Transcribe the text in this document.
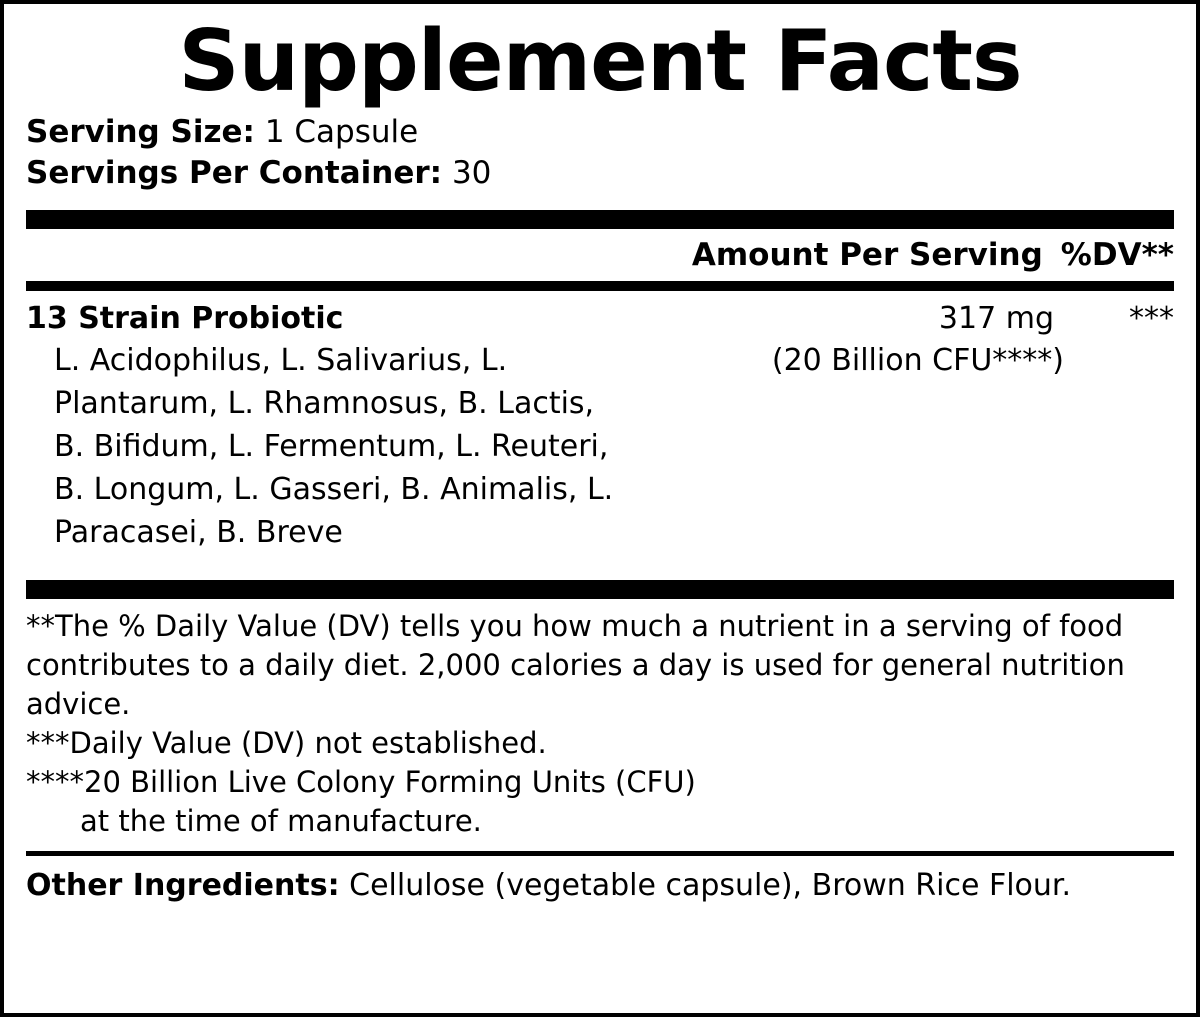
Supplement Facts
Serving Size: 1 Capsule
Servings Per Container: 30
Amount Per Serving %DV**
13 Strain Probiotic	317 mg	***
L. Acidophilus, L. Salivarius, L. Plantarum, L. Rhamnosus, B. Lactis, B. Bifidum, L. Fermentum, L. Reuteri, B. Longum, L. Gasseri, B. Animalis, L. Paracasei, B. Breve
(20 Billion CFU****)

**The % Daily Value (DV) tells you how much a nutrient in a serving of food contributes to a daily diet. 2,000 calories a day is used for general nutrition advice.

***Daily Value (DV) not established.

****20 Billion Live Colony Forming Units (CFU)

at the time of manufacture.

Other Ingredients: Cellulose (vegetable capsule), Brown Rice Flour.
